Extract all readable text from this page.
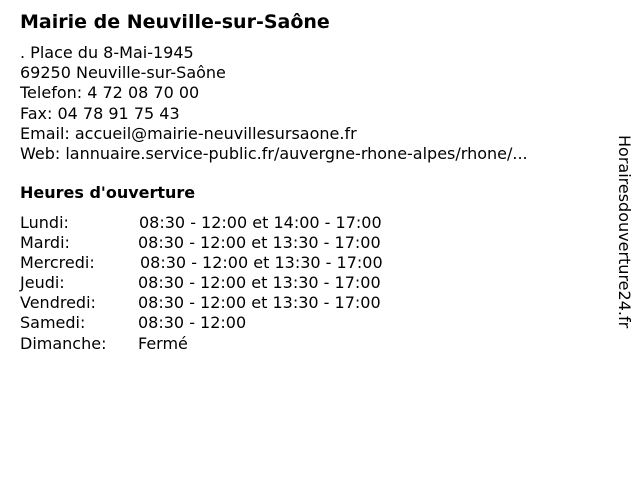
Mairie de Neuville-sur-Saône
. Place du 8-Mai-1945
69250 Neuville-sur-Saône
Telefon: 4 72 08 70 00
Fax: 04 78 91 75 43
Email: accueil@mairie-neuvillesursaone.fr
Web: lannuaire.service-public.fr/auvergne-rhone-alpes/rhone/...
Heures d'ouverture
Lundi:	08:30 - 12:00 et 14:00 - 17:00
Mardi:	08:30 - 12:00 et 13:30 - 17:00
Mercredi:	08:30 - 12:00 et 13:30 - 17:00
Jeudi:	08:30 - 12:00 et 13:30 - 17:00
Vendredi:	08:30 - 12:00 et 13:30 - 17:00
Samedi:	08:30 - 12:00
Dimanche: Fermé
Horairesdouverture24.fr
